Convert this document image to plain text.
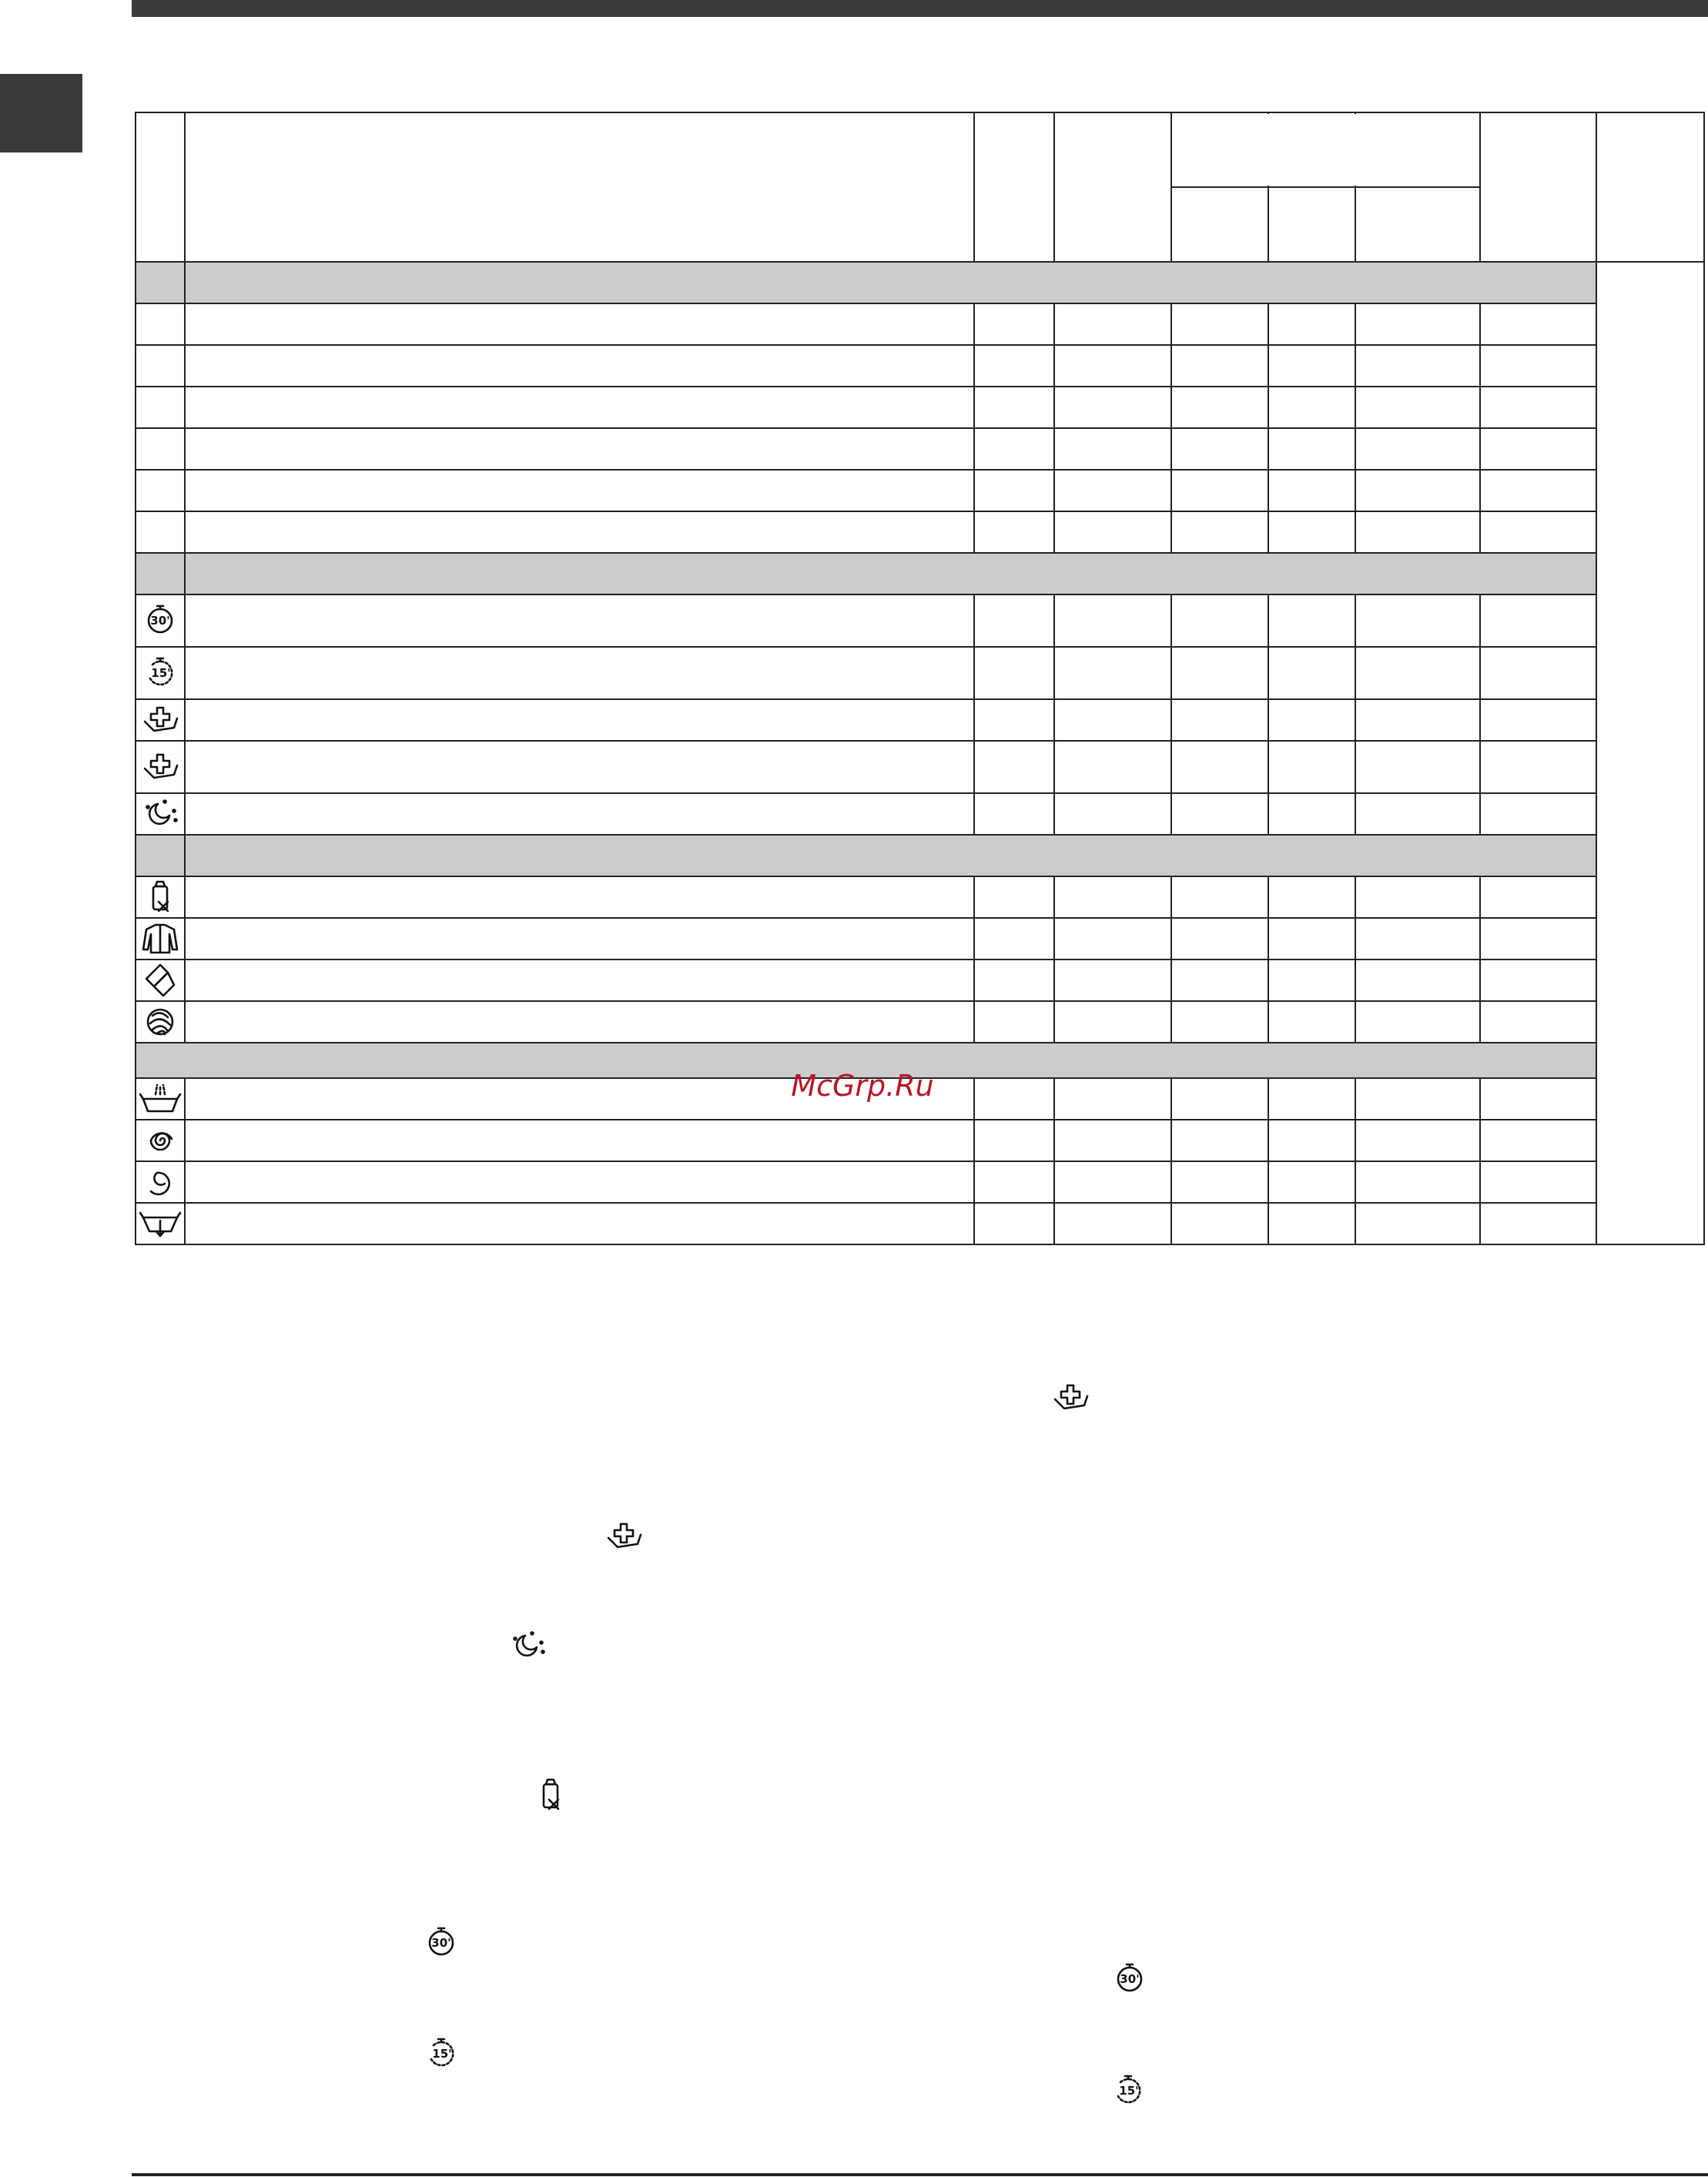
30'
15'
McGrp.Ru
30'
15'
30'
15'
